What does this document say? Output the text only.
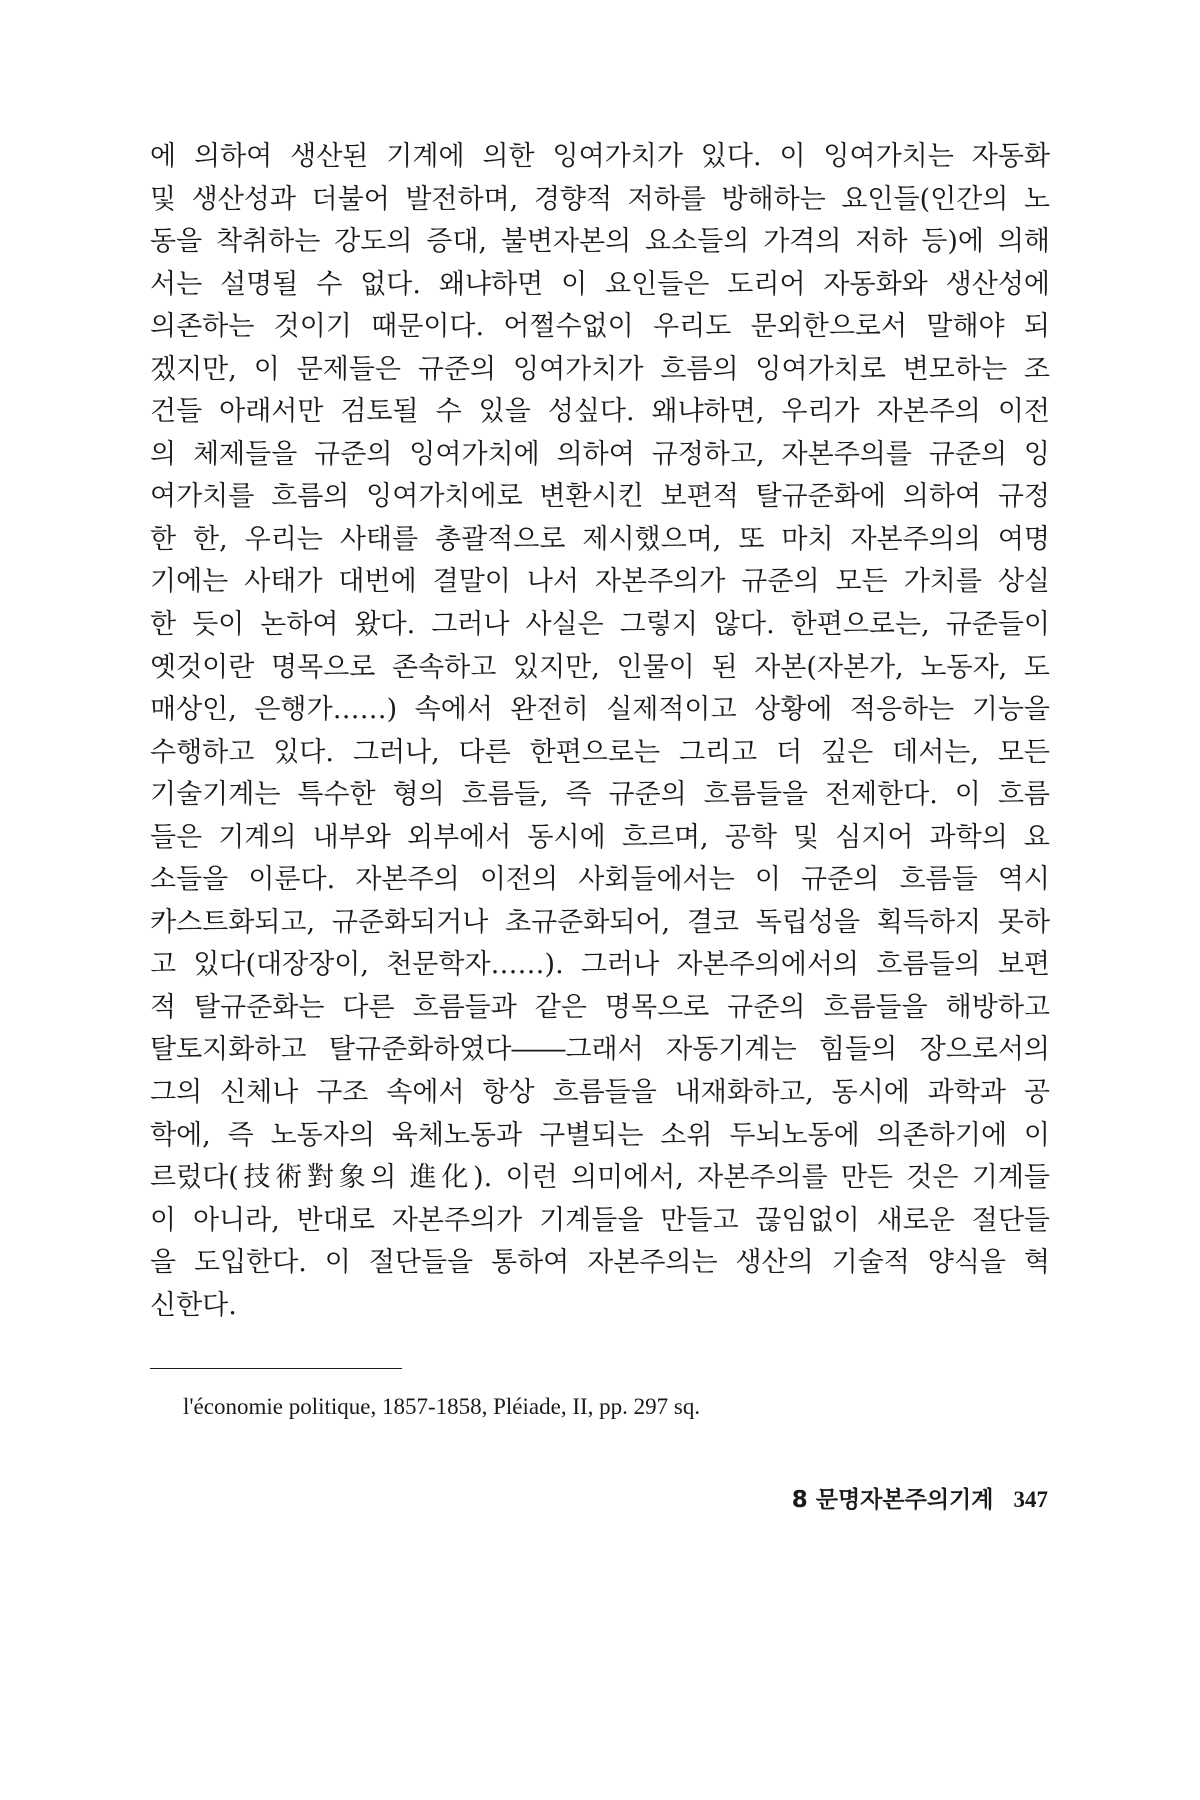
에 의하여 생산된 기계에 의한 잉여가치가 있다. 이 잉여가치는 자동화
및 생산성과 더불어 발전하며, 경향적 저하를 방해하는 요인들(인간의 노
동을 착취하는 강도의 증대, 불변자본의 요소들의 가격의 저하 등)에 의해
서는 설명될 수 없다. 왜냐하면 이 요인들은 도리어 자동화와 생산성에
의존하는 것이기 때문이다. 어쩔수없이 우리도 문외한으로서 말해야 되
겠지만, 이 문제들은 규준의 잉여가치가 흐름의 잉여가치로 변모하는 조
건들 아래서만 검토될 수 있을 성싶다. 왜냐하면, 우리가 자본주의 이전
의 체제들을 규준의 잉여가치에 의하여 규정하고, 자본주의를 규준의 잉
여가치를 흐름의 잉여가치에로 변환시킨 보편적 탈규준화에 의하여 규정
한 한, 우리는 사태를 총괄적으로 제시했으며, 또 마치 자본주의의 여명
기에는 사태가 대번에 결말이 나서 자본주의가 규준의 모든 가치를 상실
한 듯이 논하여 왔다. 그러나 사실은 그렇지 않다. 한편으로는, 규준들이
옛것이란 명목으로 존속하고 있지만, 인물이 된 자본(자본가, 노동자, 도
매상인, 은행가……) 속에서 완전히 실제적이고 상황에 적응하는 기능을
수행하고 있다. 그러나, 다른 한편으로는 그리고 더 깊은 데서는, 모든
기술기계는 특수한 형의 흐름들, 즉 규준의 흐름들을 전제한다. 이 흐름
들은 기계의 내부와 외부에서 동시에 흐르며, 공학 및 심지어 과학의 요
소들을 이룬다. 자본주의 이전의 사회들에서는 이 규준의 흐름들 역시
카스트화되고, 규준화되거나 초규준화되어, 결코 독립성을 획득하지 못하
고 있다(대장장이, 천문학자……). 그러나 자본주의에서의 흐름들의 보편
적 탈규준화는 다른 흐름들과 같은 명목으로 규준의 흐름들을 해방하고
탈토지화하고 탈규준화하였다――그래서 자동기계는 힘들의 장으로서의
그의 신체나 구조 속에서 항상 흐름들을 내재화하고, 동시에 과학과 공
학에, 즉 노동자의 육체노동과 구별되는 소위 두뇌노동에 의존하기에 이
르렀다(技術對象의 進化). 이런 의미에서, 자본주의를 만든 것은 기계들
이 아니라, 반대로 자본주의가 기계들을 만들고 끊임없이 새로운 절단들
을 도입한다. 이 절단들을 통하여 자본주의는 생산의 기술적 양식을 혁
신한다.
l'économie politique, 1857-1858, Pléiade, II, pp. 297 sq.
8 문명자본주의기계 347
